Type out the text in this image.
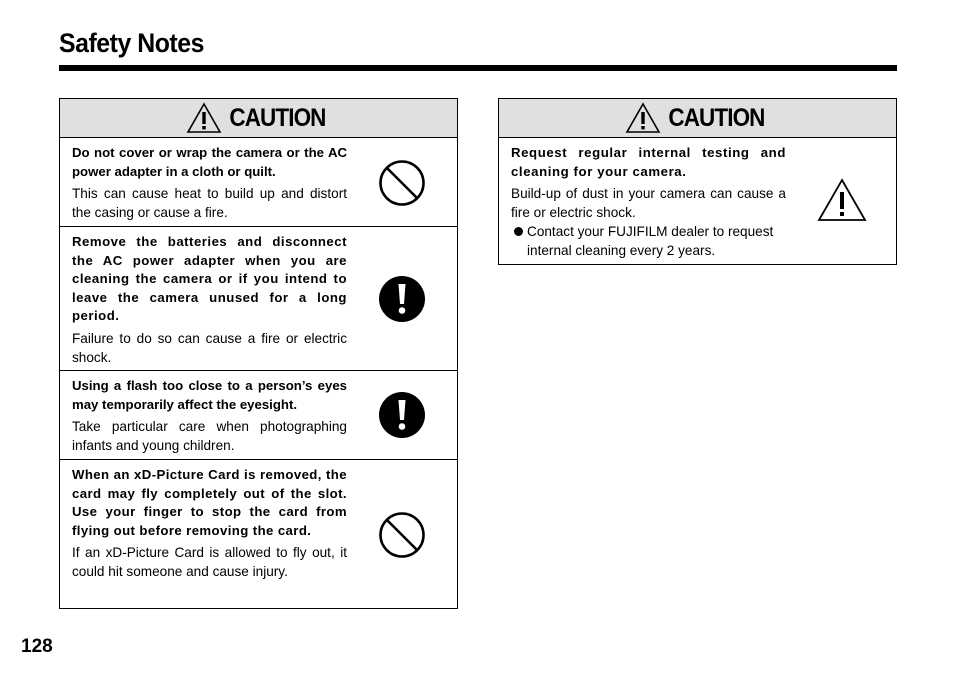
Safety Notes
CAUTION

Do not cover or wrap the camera or the AC power adapter in a cloth or quilt.

This can cause heat to build up and distort the casing or cause a fire.

Remove the batteries and disconnect the AC power adapter when you are cleaning the camera or if you intend to leave the camera unused for a long period.

Failure to do so can cause a fire or electric shock.

Using a flash too close to a person’s eyes may temporarily affect the eyesight.

Take particular care when photographing infants and young children.

When an xD-Picture Card is removed, the card may fly completely out of the slot. Use your finger to stop the card from flying out before removing the card.

If an xD-Picture Card is allowed to fly out, it could hit someone and cause injury.

CAUTION

Request regular internal testing and cleaning for your camera.

Build-up of dust in your camera can cause a fire or electric shock.

Contact your FUJIFILM dealer to request internal cleaning every 2 years.

128
